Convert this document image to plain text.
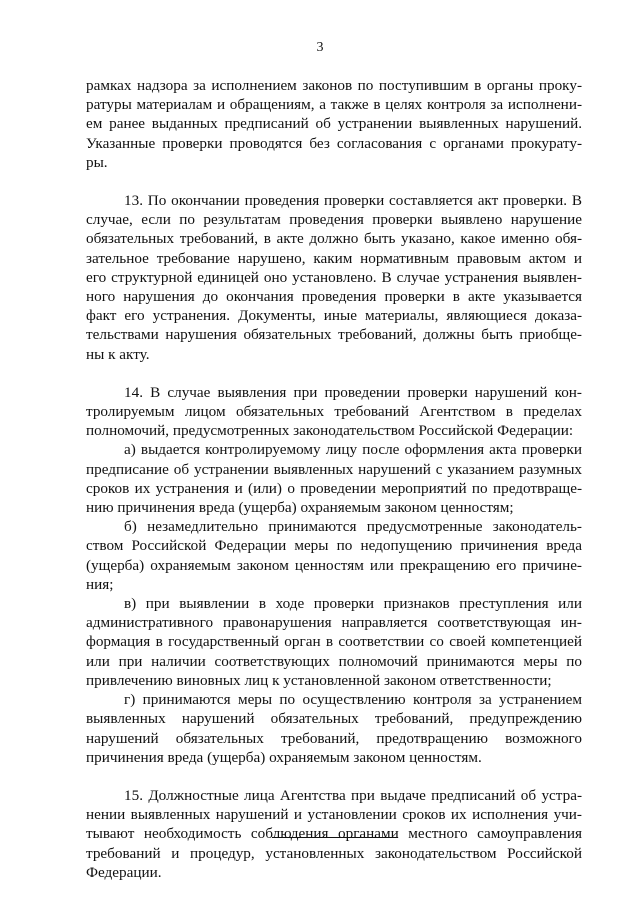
3
рамках надзора за исполнением законов по поступившим в органы проку-
ратуры материалам и обращениям, а также в целях контроля за исполнени-
ем ранее выданных предписаний об устранении выявленных нарушений.
Указанные проверки проводятся без согласования с органами прокурату-
ры.
13. По окончании проведения проверки составляется акт проверки. В
случае, если по результатам проведения проверки выявлено нарушение
обязательных требований, в акте должно быть указано, какое именно обя-
зательное требование нарушено, каким нормативным правовым актом и
его структурной единицей оно установлено. В случае устранения выявлен-
ного нарушения до окончания проведения проверки в акте указывается
факт его устранения. Документы, иные материалы, являющиеся доказа-
тельствами нарушения обязательных требований, должны быть приобще-
ны к акту.
14. В случае выявления при проведении проверки нарушений кон-
тролируемым лицом обязательных требований Агентством в пределах
полномочий, предусмотренных законодательством Российской Федерации:
а) выдается контролируемому лицу после оформления акта проверки
предписание об устранении выявленных нарушений с указанием разумных
сроков их устранения и (или) о проведении мероприятий по предотвраще-
нию причинения вреда (ущерба) охраняемым законом ценностям;
б) незамедлительно принимаются предусмотренные законодатель-
ством Российской Федерации меры по недопущению причинения вреда
(ущерба) охраняемым законом ценностям или прекращению его причине-
ния;
в) при выявлении в ходе проверки признаков преступления или
административного правонарушения направляется соответствующая ин-
формация в государственный орган в соответствии со своей компетенцией
или при наличии соответствующих полномочий принимаются меры по
привлечению виновных лиц к установленной законом ответственности;
г) принимаются меры по осуществлению контроля за устранением
выявленных нарушений обязательных требований, предупреждению
нарушений обязательных требований, предотвращению возможного
причинения вреда (ущерба) охраняемым законом ценностям.
15. Должностные лица Агентства при выдаче предписаний об устра-
нении выявленных нарушений и установлении сроков их исполнения учи-
тывают необходимость соблюдения органами местного самоуправления
требований и процедур, установленных законодательством Российской
Федерации.
